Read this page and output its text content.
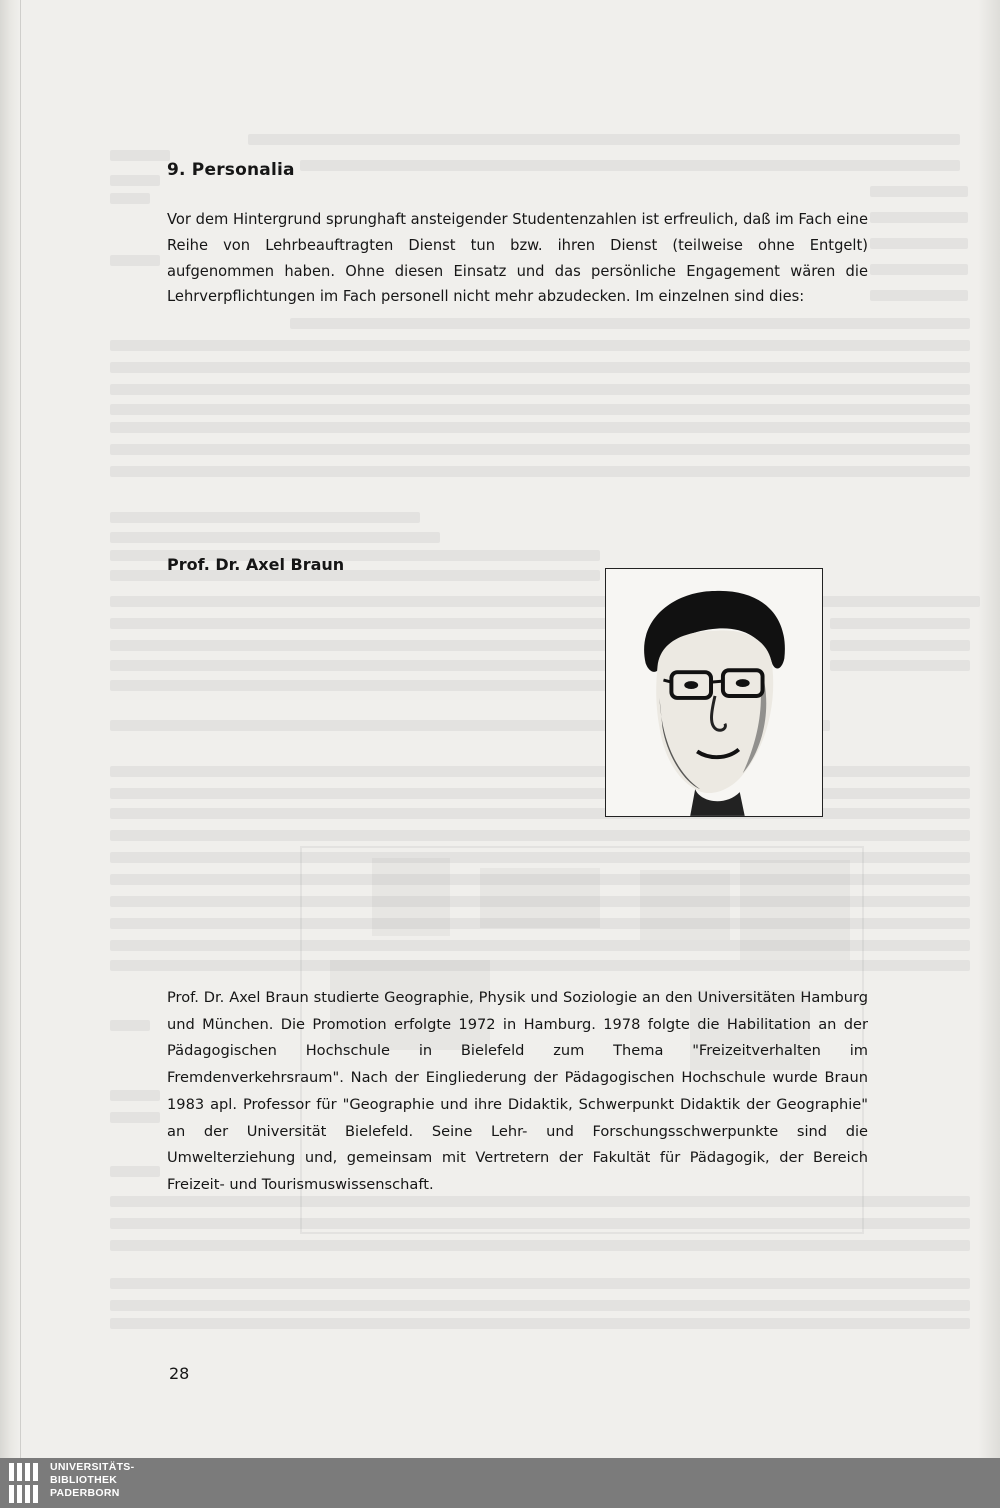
9. Personalia

Vor dem Hintergrund sprunghaft ansteigender Studentenzahlen ist erfreulich, daß im Fach eine Reihe von Lehrbeauftragten Dienst tun bzw. ihren Dienst (teilweise ohne Entgelt) aufgenommen haben. Ohne diesen Einsatz und das persönliche Engagement wären die Lehrverpflichtungen im Fach personell nicht mehr abzudecken. Im einzelnen sind dies:

Prof. Dr. Axel Braun

Prof. Dr. Axel Braun studierte Geographie, Physik und Soziologie an den Universitäten Hamburg und München. Die Promotion erfolgte 1972 in Hamburg. 1978 folgte die Habilitation an der Pädagogischen Hochschule in Bielefeld zum Thema "Freizeitverhalten im Fremdenverkehrsraum". Nach der Eingliederung der Pädagogischen Hochschule wurde Braun 1983 apl. Professor für "Geographie und ihre Didaktik, Schwerpunkt Didaktik der Geographie" an der Universität Bielefeld. Seine Lehr- und Forschungsschwerpunkte sind die Umwelterziehung und, gemeinsam mit Vertretern der Fakultät für Pädagogik, der Bereich Freizeit- und Tourismuswissenschaft.

28
UNIVERSITÄTS-
BIBLIOTHEK
PADERBORN
